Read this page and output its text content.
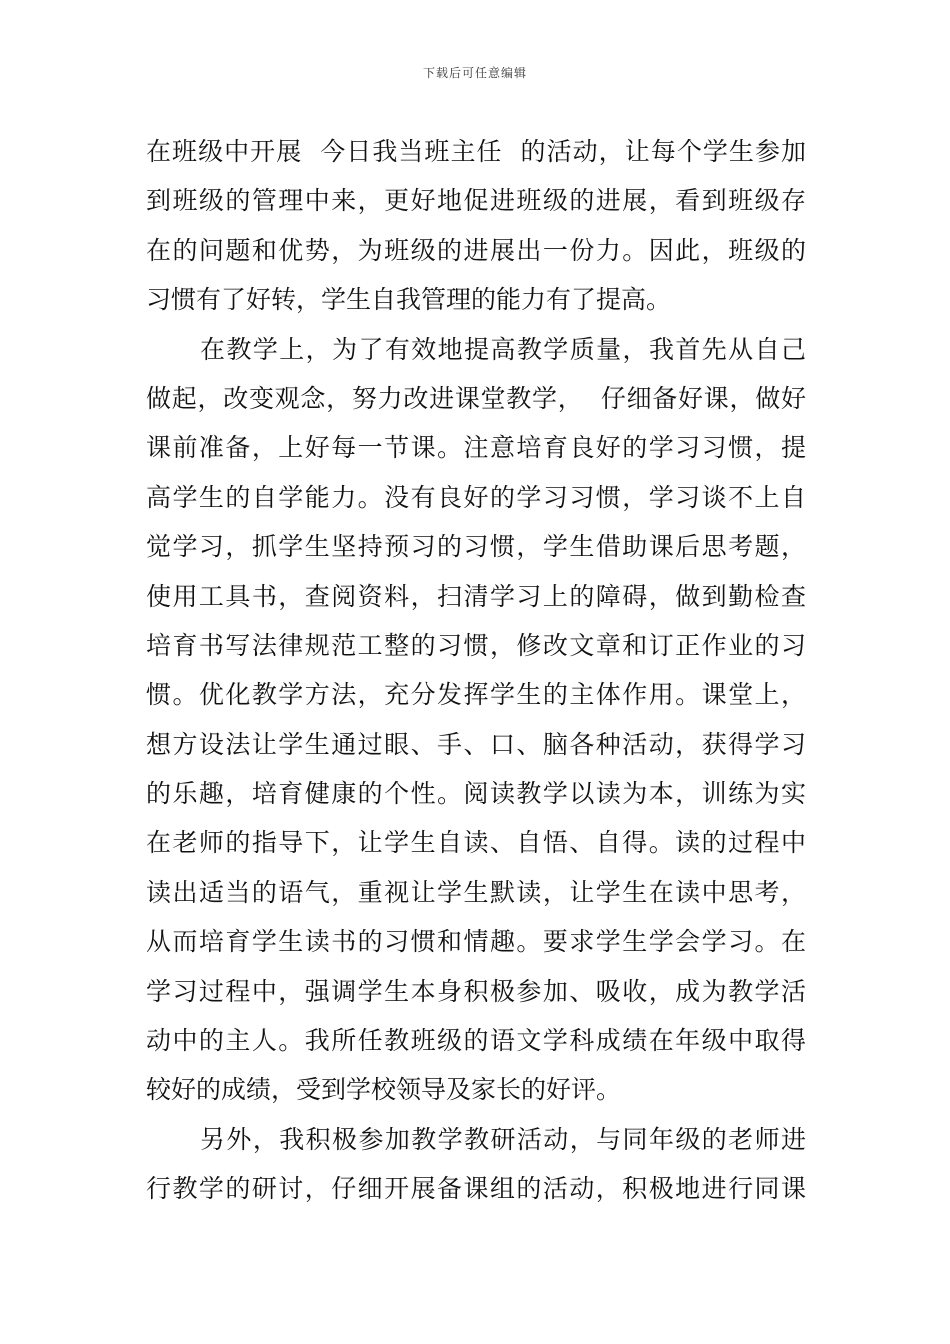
下载后可任意编辑
在班级中开展  今日我当班主任  的活动，让每个学生参加
到班级的管理中来，更好地促进班级的进展，看到班级存
在的问题和优势，为班级的进展出一份力。因此，班级的
习惯有了好转，学生自我管理的能力有了提高。
在教学上，为了有效地提高教学质量，我首先从自己
做起，改变观念，努力改进课堂教学，  仔细备好课，做好
课前准备，上好每一节课。注意培育良好的学习习惯，提
高学生的自学能力。没有良好的学习习惯，学习谈不上自
觉学习，抓学生坚持预习的习惯，学生借助课后思考题，
使用工具书，查阅资料，扫清学习上的障碍，做到勤检查
培育书写法律规范工整的习惯，修改文章和订正作业的习
惯。优化教学方法，充分发挥学生的主体作用。课堂上，
想方设法让学生通过眼、手、口、脑各种活动，获得学习
的乐趣，培育健康的个性。阅读教学以读为本，训练为实
在老师的指导下，让学生自读、自悟、自得。读的过程中
读出适当的语气，重视让学生默读，让学生在读中思考，
从而培育学生读书的习惯和情趣。要求学生学会学习。在
学习过程中，强调学生本身积极参加、吸收，成为教学活
动中的主人。我所任教班级的语文学科成绩在年级中取得
较好的成绩，受到学校领导及家长的好评。
另外，我积极参加教学教研活动，与同年级的老师进
行教学的研讨，仔细开展备课组的活动，积极地进行同课
